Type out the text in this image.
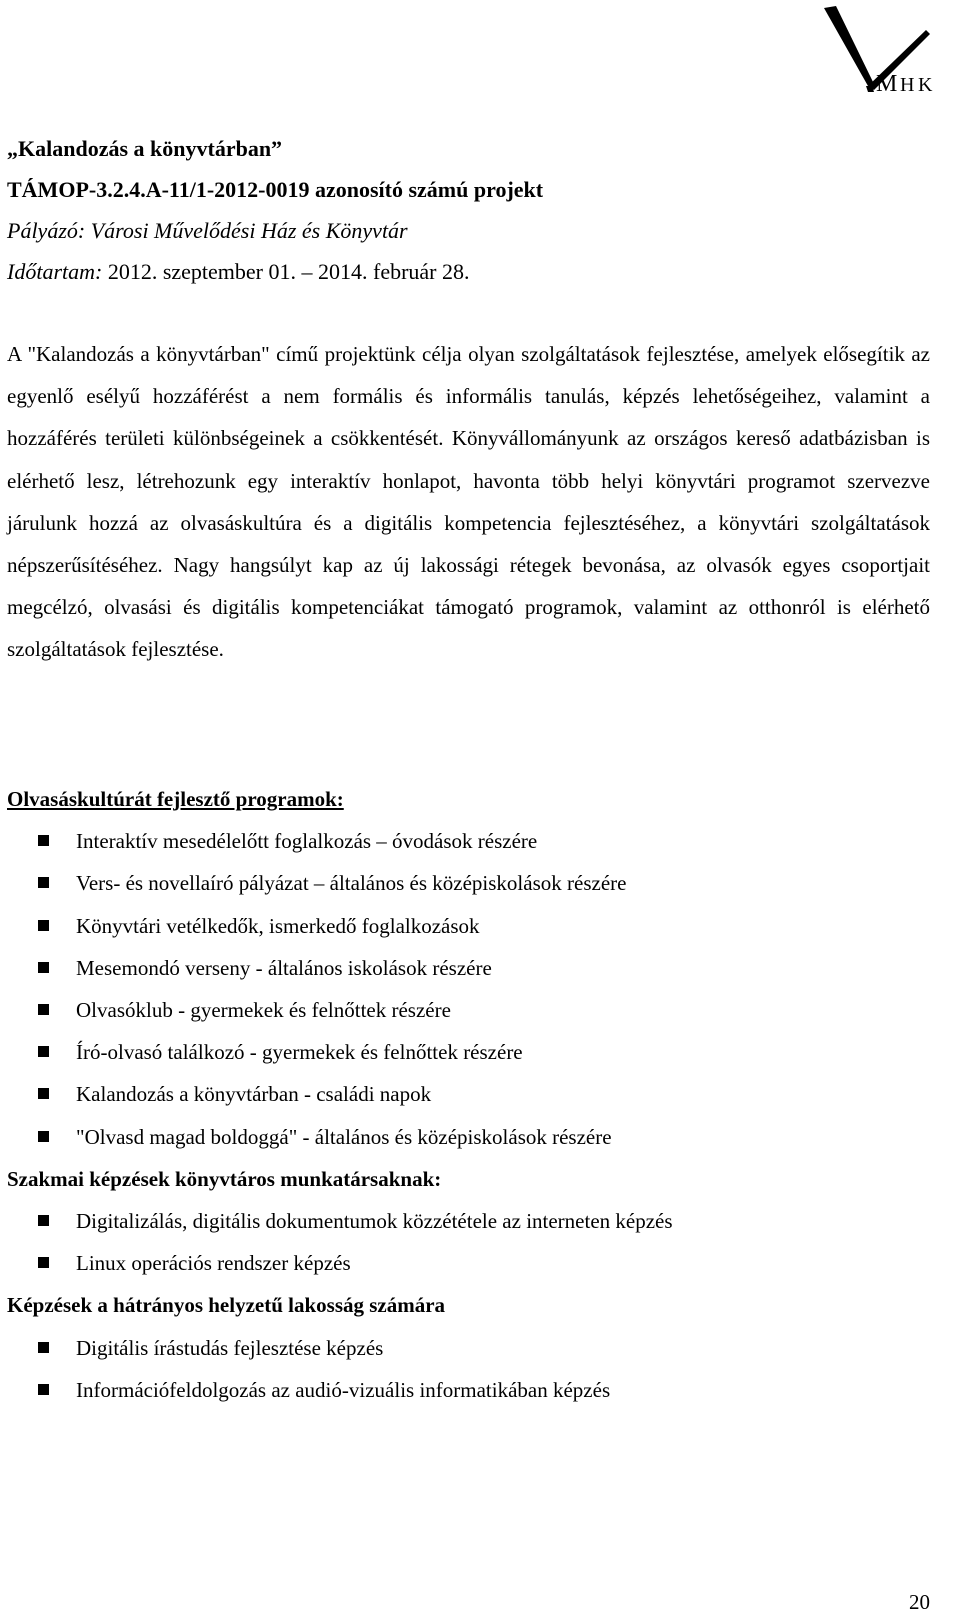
M H K
„Kalandozás a könyvtárban”
TÁMOP-3.2.4.A-11/1-2012-0019 azonosító számú projekt
Pályázó: Városi Művelődési Ház és Könyvtár
Időtartam: 2012. szeptember 01. – 2014. február 28.
A "Kalandozás a könyvtárban" című projektünk célja olyan szolgáltatások fejlesztése, amelyek elősegítik az egyenlő esélyű hozzáférést a nem formális és informális tanulás, képzés lehetőségeihez, valamint a hozzáférés területi különbségeinek a csökkentését. Könyvállományunk az országos kereső adatbázisban is elérhető lesz, létrehozunk egy interaktív honlapot, havonta több helyi könyvtári programot szervezve járulunk hozzá az olvasáskultúra és a digitális kompetencia fejlesztéséhez, a könyvtári szolgáltatások népszerűsítéséhez. Nagy hangsúlyt kap az új lakossági rétegek bevonása, az olvasók egyes csoportjait megcélzó, olvasási és digitális kompetenciákat támogató programok, valamint az otthonról is elérhető szolgáltatások fejlesztése.
Olvasáskultúrát fejlesztő programok:
Interaktív mesedélelőtt foglalkozás – óvodások részére
Vers- és novellaíró pályázat – általános és középiskolások részére
Könyvtári vetélkedők, ismerkedő foglalkozások
Mesemondó verseny - általános iskolások részére
Olvasóklub - gyermekek és felnőttek részére
Író-olvasó találkozó - gyermekek és felnőttek részére
Kalandozás a könyvtárban - családi napok
"Olvasd magad boldoggá" - általános és középiskolások részére
Szakmai képzések könyvtáros munkatársaknak:
Digitalizálás, digitális dokumentumok közzététele az interneten képzés
Linux operációs rendszer képzés
Képzések a hátrányos helyzetű lakosság számára
Digitális írástudás fejlesztése képzés
Információfeldolgozás az audió-vizuális informatikában képzés
20
